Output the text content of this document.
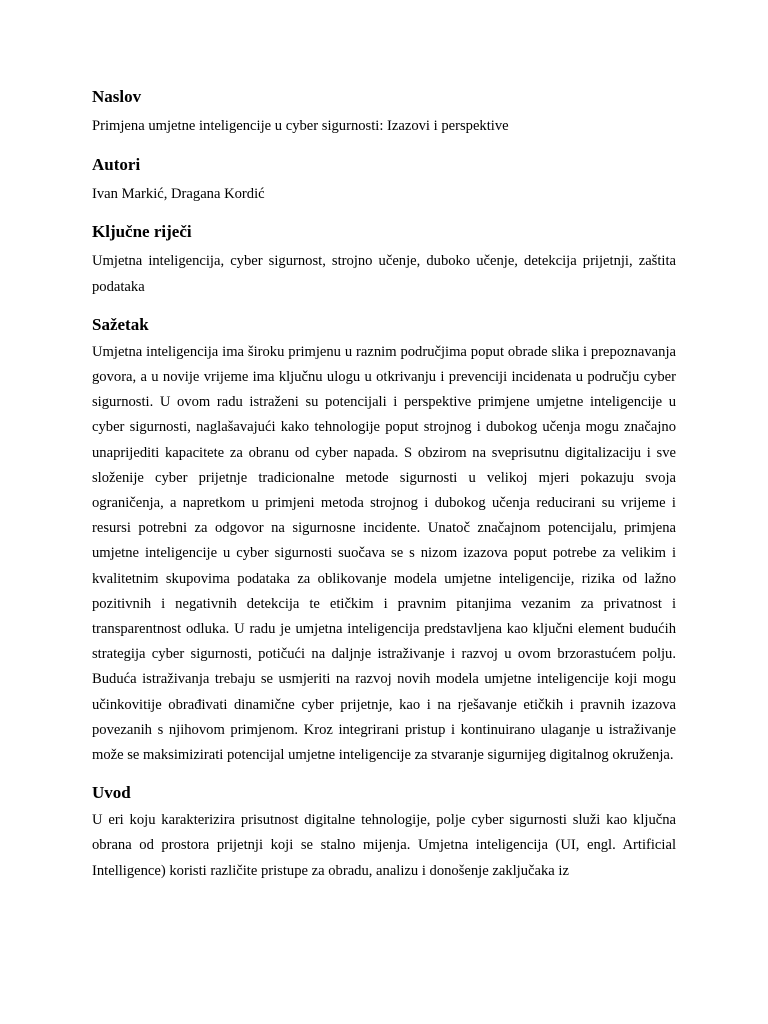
Naslov

Primjena umjetne inteligencije u cyber sigurnosti: Izazovi i perspektive

Autori

Ivan Markić, Dragana Kordić

Ključne riječi

Umjetna inteligencija, cyber sigurnost, strojno učenje, duboko učenje, detekcija prijetnji, zaštita podataka

Sažetak

Umjetna inteligencija ima široku primjenu u raznim područjima poput obrade slika i prepoznavanja govora, a u novije vrijeme ima ključnu ulogu u otkrivanju i prevenciji incidenata u području cyber sigurnosti. U ovom radu istraženi su potencijali i perspektive primjene umjetne inteligencije u cyber sigurnosti, naglašavajući kako tehnologije poput strojnog i dubokog učenja mogu značajno unaprijediti kapacitete za obranu od cyber napada. S obzirom na sveprisutnu digitalizaciju i sve složenije cyber prijetnje tradicionalne metode sigurnosti u velikoj mjeri pokazuju svoja ograničenja, a napretkom u primjeni metoda strojnog i dubokog učenja reducirani su vrijeme i resursi potrebni za odgovor na sigurnosne incidente. Unatoč značajnom potencijalu, primjena umjetne inteligencije u cyber sigurnosti suočava se s nizom izazova poput potrebe za velikim i kvalitetnim skupovima podataka za oblikovanje modela umjetne inteligencije, rizika od lažno pozitivnih i negativnih detekcija te etičkim i pravnim pitanjima vezanim za privatnost i transparentnost odluka. U radu je umjetna inteligencija predstavljena kao ključni element budućih strategija cyber sigurnosti, potičući na daljnje istraživanje i razvoj u ovom brzorastućem polju. Buduća istraživanja trebaju se usmjeriti na razvoj novih modela umjetne inteligencije koji mogu učinkovitije obrađivati dinamične cyber prijetnje, kao i na rješavanje etičkih i pravnih izazova povezanih s njihovom primjenom. Kroz integrirani pristup i kontinuirano ulaganje u istraživanje može se maksimizirati potencijal umjetne inteligencije za stvaranje sigurnijeg digitalnog okruženja.

Uvod

U eri koju karakterizira prisutnost digitalne tehnologije, polje cyber sigurnosti služi kao ključna obrana od prostora prijetnji koji se stalno mijenja. Umjetna inteligencija (UI, engl. Artificial Intelligence) koristi različite pristupe za obradu, analizu i donošenje zaključaka iz
